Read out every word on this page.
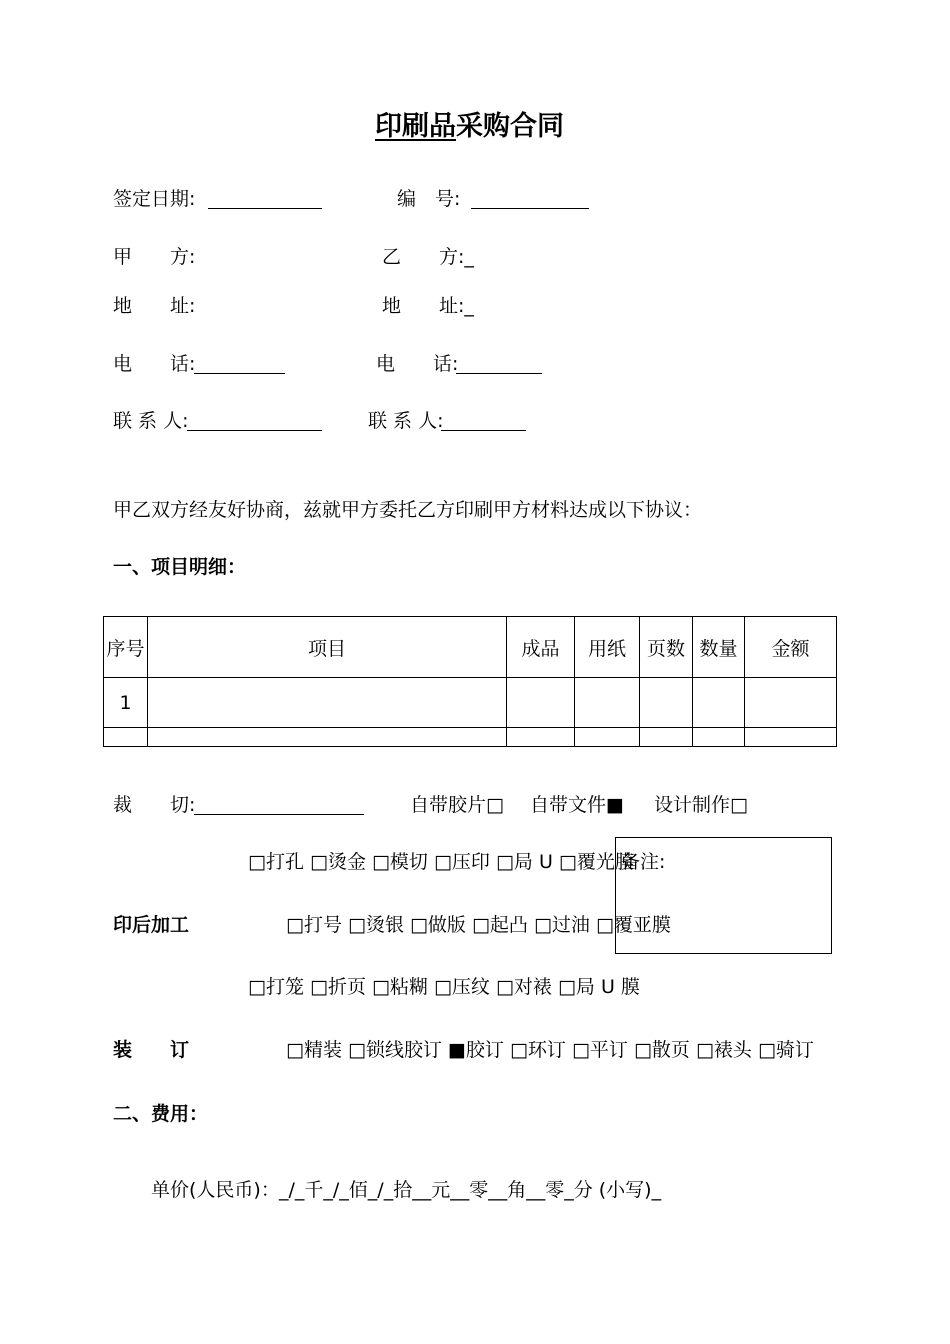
印刷品采购合同
签定日期:	编　号:
甲　　方:	乙　　方:_
地　　址:	地　　址:_
电　　话:	电　　话:
联 系 人:	联 系 人:
甲乙双方经友好协商，兹就甲方委托乙方印刷甲方材料达成以下协议：
一、项目明细：
序号	项目	成品	用纸	页数	数量	金额
1						

裁　　切:	自带胶片□ 自带文件■ 设计制作□
□打孔 □烫金 □模切 □压印 □局 U □覆光膜
备注:
印后加工	□打号 □烫银 □做版 □起凸 □过油 □覆亚膜
□打笼 □折页 □粘糊 □压纹 □对裱 □局 U 膜
装　　订	□精装 □锁线胶订 ■胶订 □环订 □平订 □散页 □裱头 □骑订
二、费用：
单价(人民币)： _/_千_/_佰_/_拾__元__零__角__零_分 (小写)_
